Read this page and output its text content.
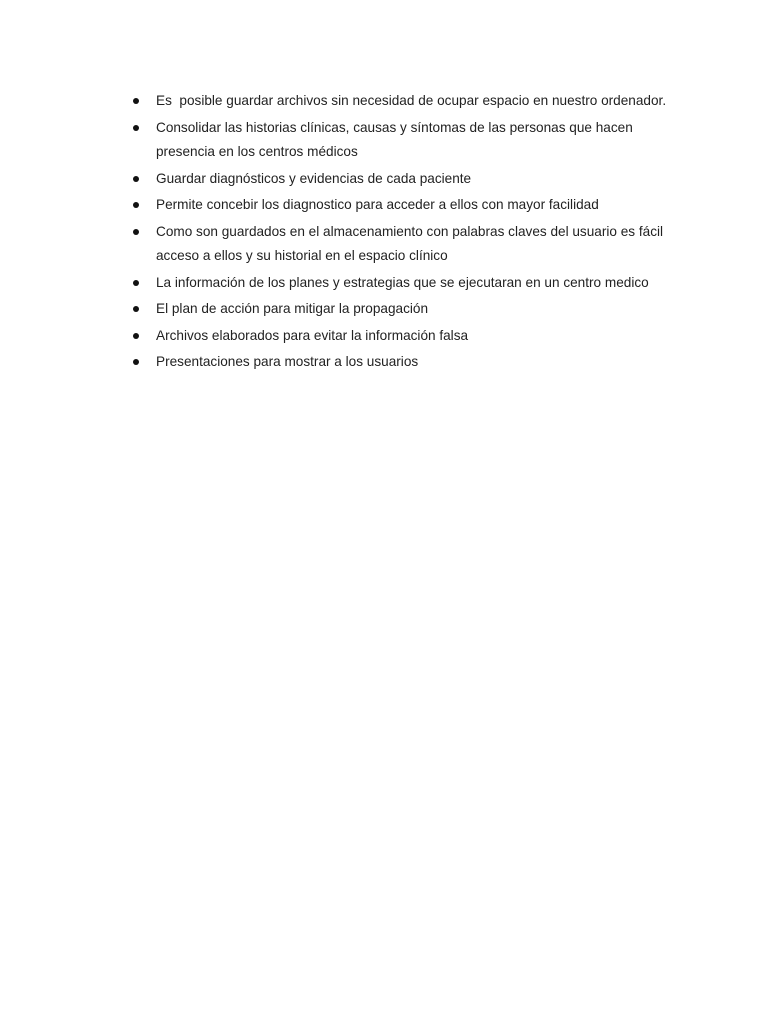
Es  posible guardar archivos sin necesidad de ocupar espacio en nuestro ordenador.
Consolidar las historias clínicas, causas y síntomas de las personas que hacen presencia en los centros médicos
Guardar diagnósticos y evidencias de cada paciente
Permite concebir los diagnostico para acceder a ellos con mayor facilidad
Como son guardados en el almacenamiento con palabras claves del usuario es fácil acceso a ellos y su historial en el espacio clínico
La información de los planes y estrategias que se ejecutaran en un centro medico
El plan de acción para mitigar la propagación
Archivos elaborados para evitar la información falsa
Presentaciones para mostrar a los usuarios
